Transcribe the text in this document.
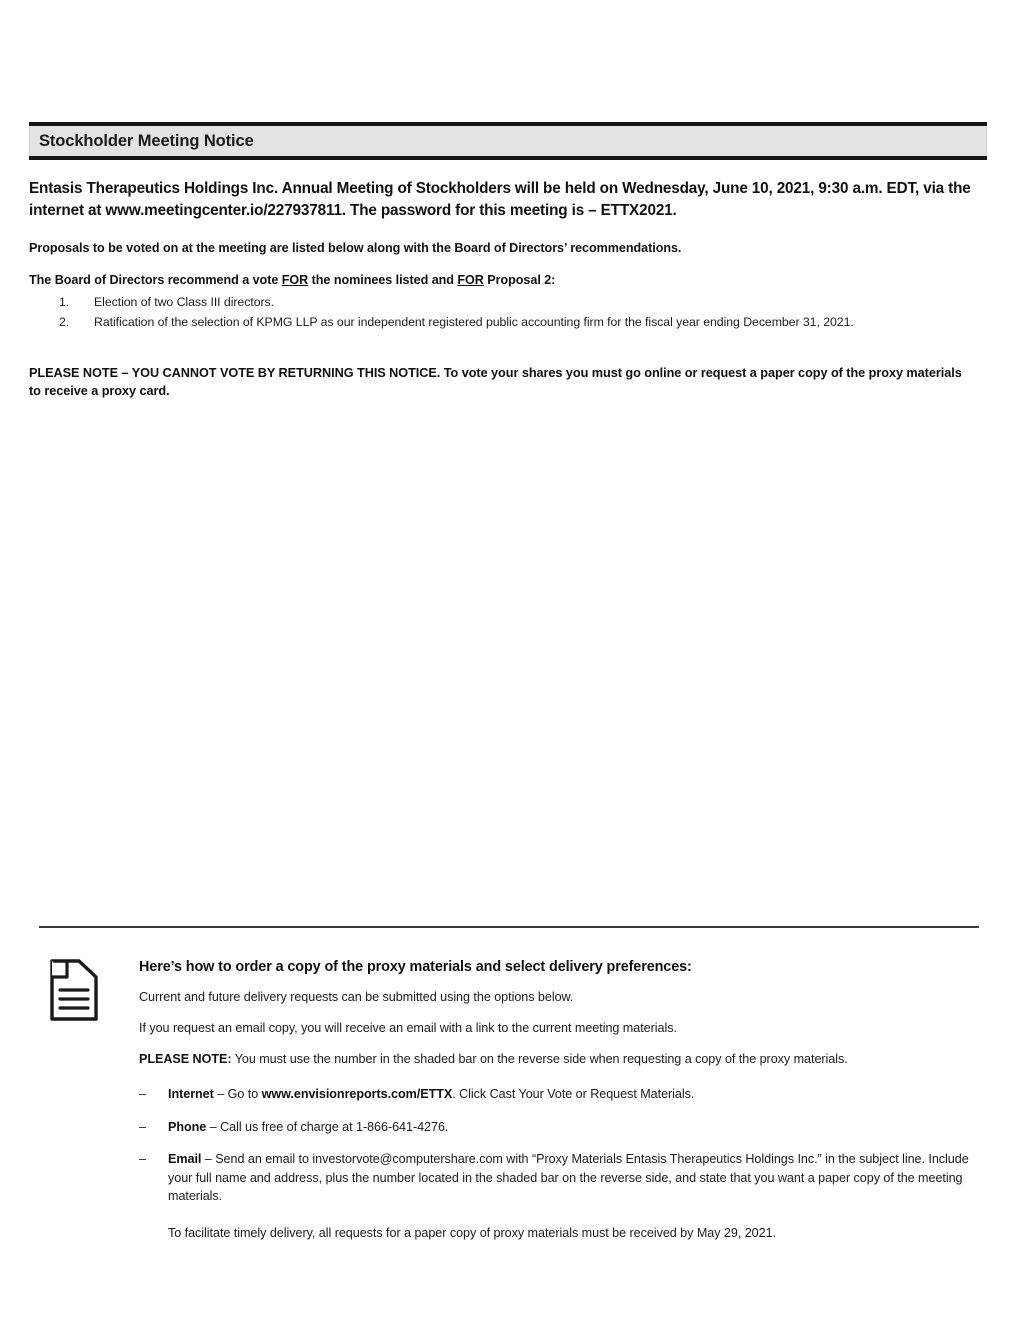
Stockholder Meeting Notice

Entasis Therapeutics Holdings Inc. Annual Meeting of Stockholders will be held on Wednesday, June 10, 2021, 9:30 a.m. EDT, via the internet at www.meetingcenter.io/227937811. The password for this meeting is – ETTX2021.

Proposals to be voted on at the meeting are listed below along with the Board of Directors’ recommendations.

The Board of Directors recommend a vote FOR the nominees listed and FOR Proposal 2:

1.	Election of two Class III directors.
2.	Ratification of the selection of KPMG LLP as our independent registered public accounting firm for the fiscal year ending December 31, 2021.

PLEASE NOTE – YOU CANNOT VOTE BY RETURNING THIS NOTICE. To vote your shares you must go online or request a paper copy of the proxy materials to receive a proxy card.

Here’s how to order a copy of the proxy materials and select delivery preferences:

Current and future delivery requests can be submitted using the options below.

If you request an email copy, you will receive an email with a link to the current meeting materials.

PLEASE NOTE: You must use the number in the shaded bar on the reverse side when requesting a copy of the proxy materials.

– Internet – Go to www.envisionreports.com/ETTX. Click Cast Your Vote or Request Materials.
– Phone – Call us free of charge at 1-866-641-4276.
– Email – Send an email to investorvote@computershare.com with “Proxy Materials Entasis Therapeutics Holdings Inc.” in the subject line. Include your full name and address, plus the number located in the shaded bar on the reverse side, and state that you want a paper copy of the meeting materials.

To facilitate timely delivery, all requests for a paper copy of proxy materials must be received by May 29, 2021.
